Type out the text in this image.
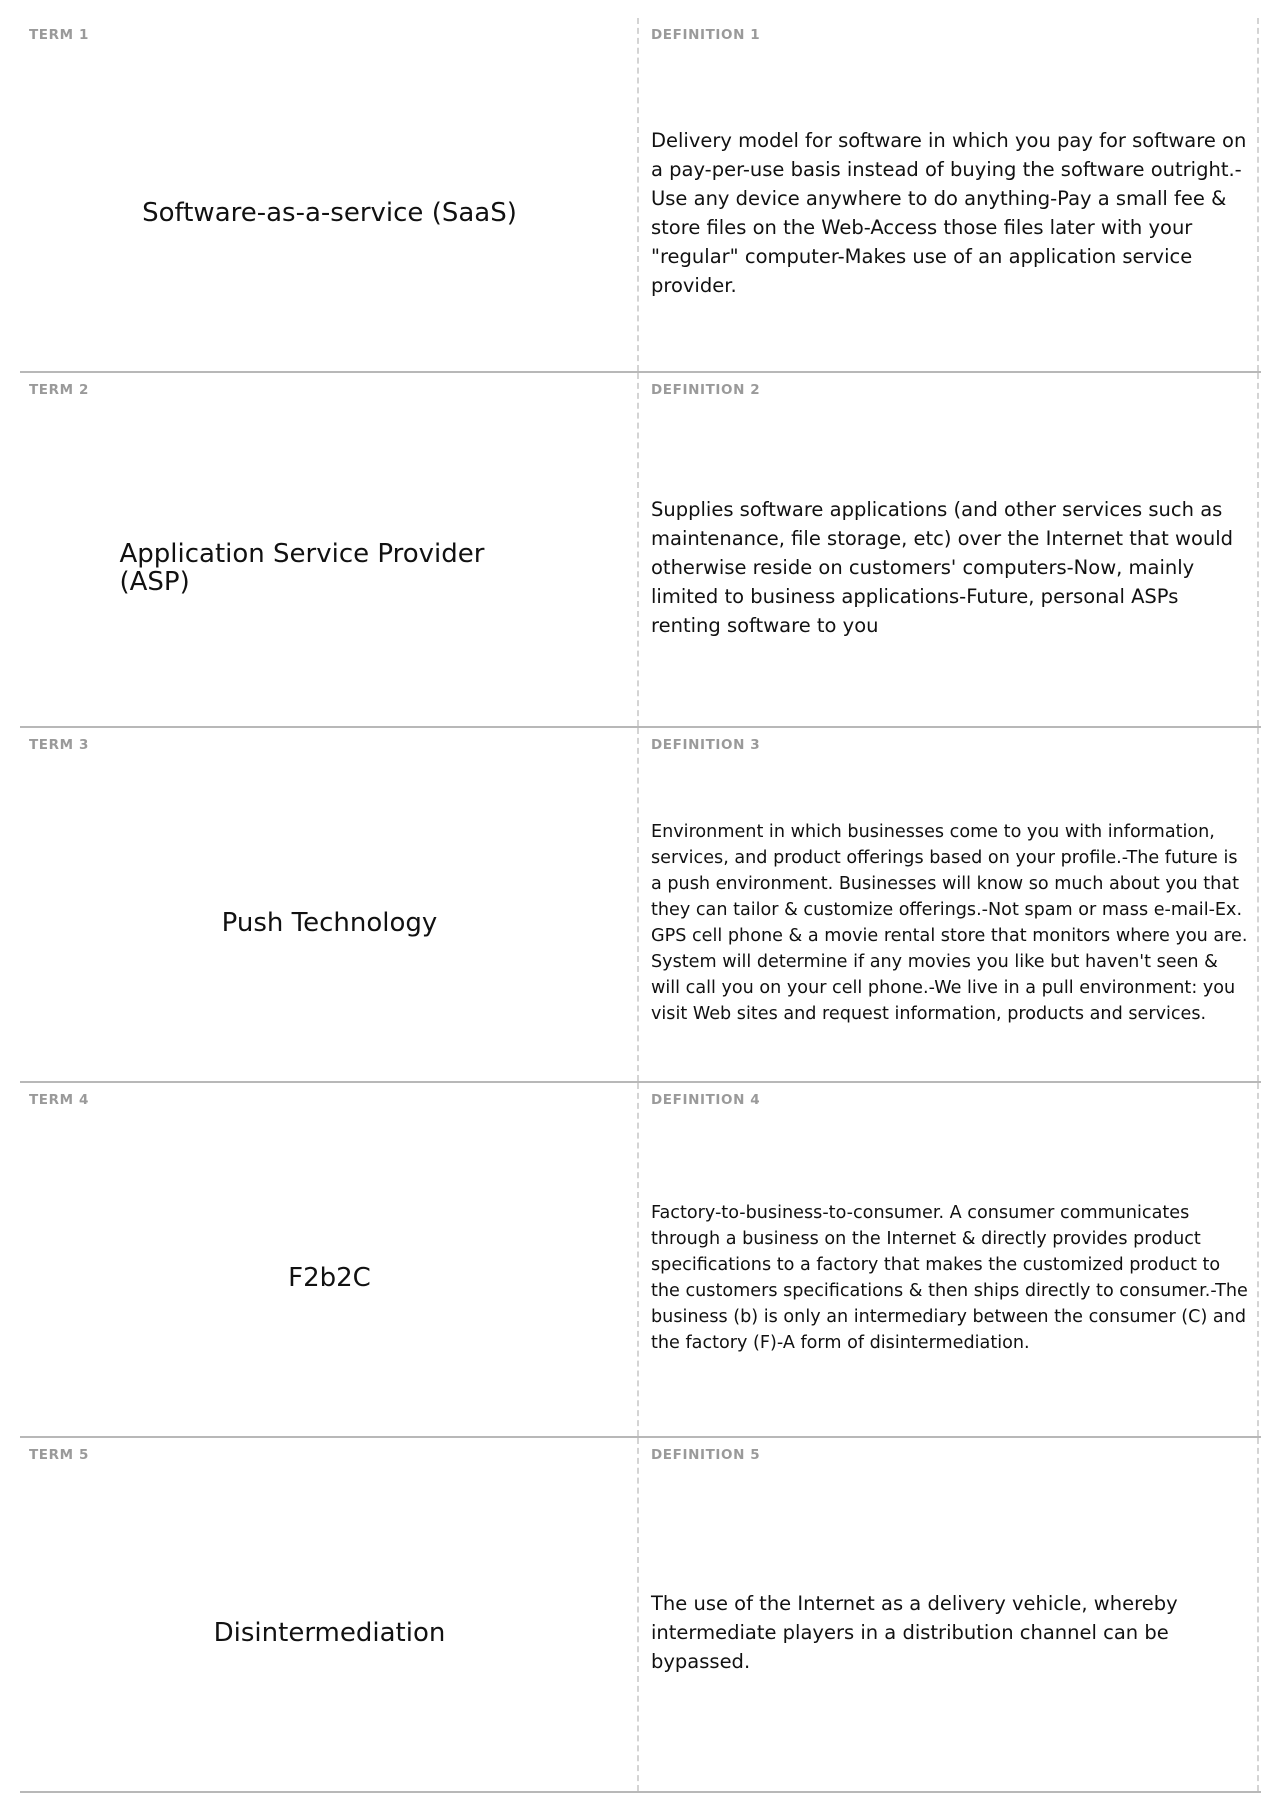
TERM 1
Software-as-a-service (SaaS)
DEFINITION 1
Delivery model for software in which you pay for software on a pay-per-use basis instead of buying the software outright.-Use any device anywhere to do anything-Pay a small fee & store files on the Web-Access those files later with your "regular" computer-Makes use of an application service provider.
TERM 2
Application Service Provider (ASP)
DEFINITION 2
Supplies software applications (and other services such as maintenance, file storage, etc) over the Internet that would otherwise reside on customers' computers-Now, mainly limited to business applications-Future, personal ASPs renting software to you
TERM 3
Push Technology
DEFINITION 3
Environment in which businesses come to you with information, services, and product offerings based on your profile.-The future is a push environment. Businesses will know so much about you that they can tailor & customize offerings.-Not spam or mass e-mail-Ex. GPS cell phone & a movie rental store that monitors where you are. System will determine if any movies you like but haven't seen & will call you on your cell phone.-We live in a pull environment: you visit Web sites and request information, products and services.
TERM 4
F2b2C
DEFINITION 4
Factory-to-business-to-consumer. A consumer communicates through a business on the Internet & directly provides product specifications to a factory that makes the customized product to the customers specifications & then ships directly to consumer.-The business (b) is only an intermediary between the consumer (C) and the factory (F)-A form of disintermediation.
TERM 5
Disintermediation
DEFINITION 5
The use of the Internet as a delivery vehicle, whereby intermediate players in a distribution channel can be bypassed.
